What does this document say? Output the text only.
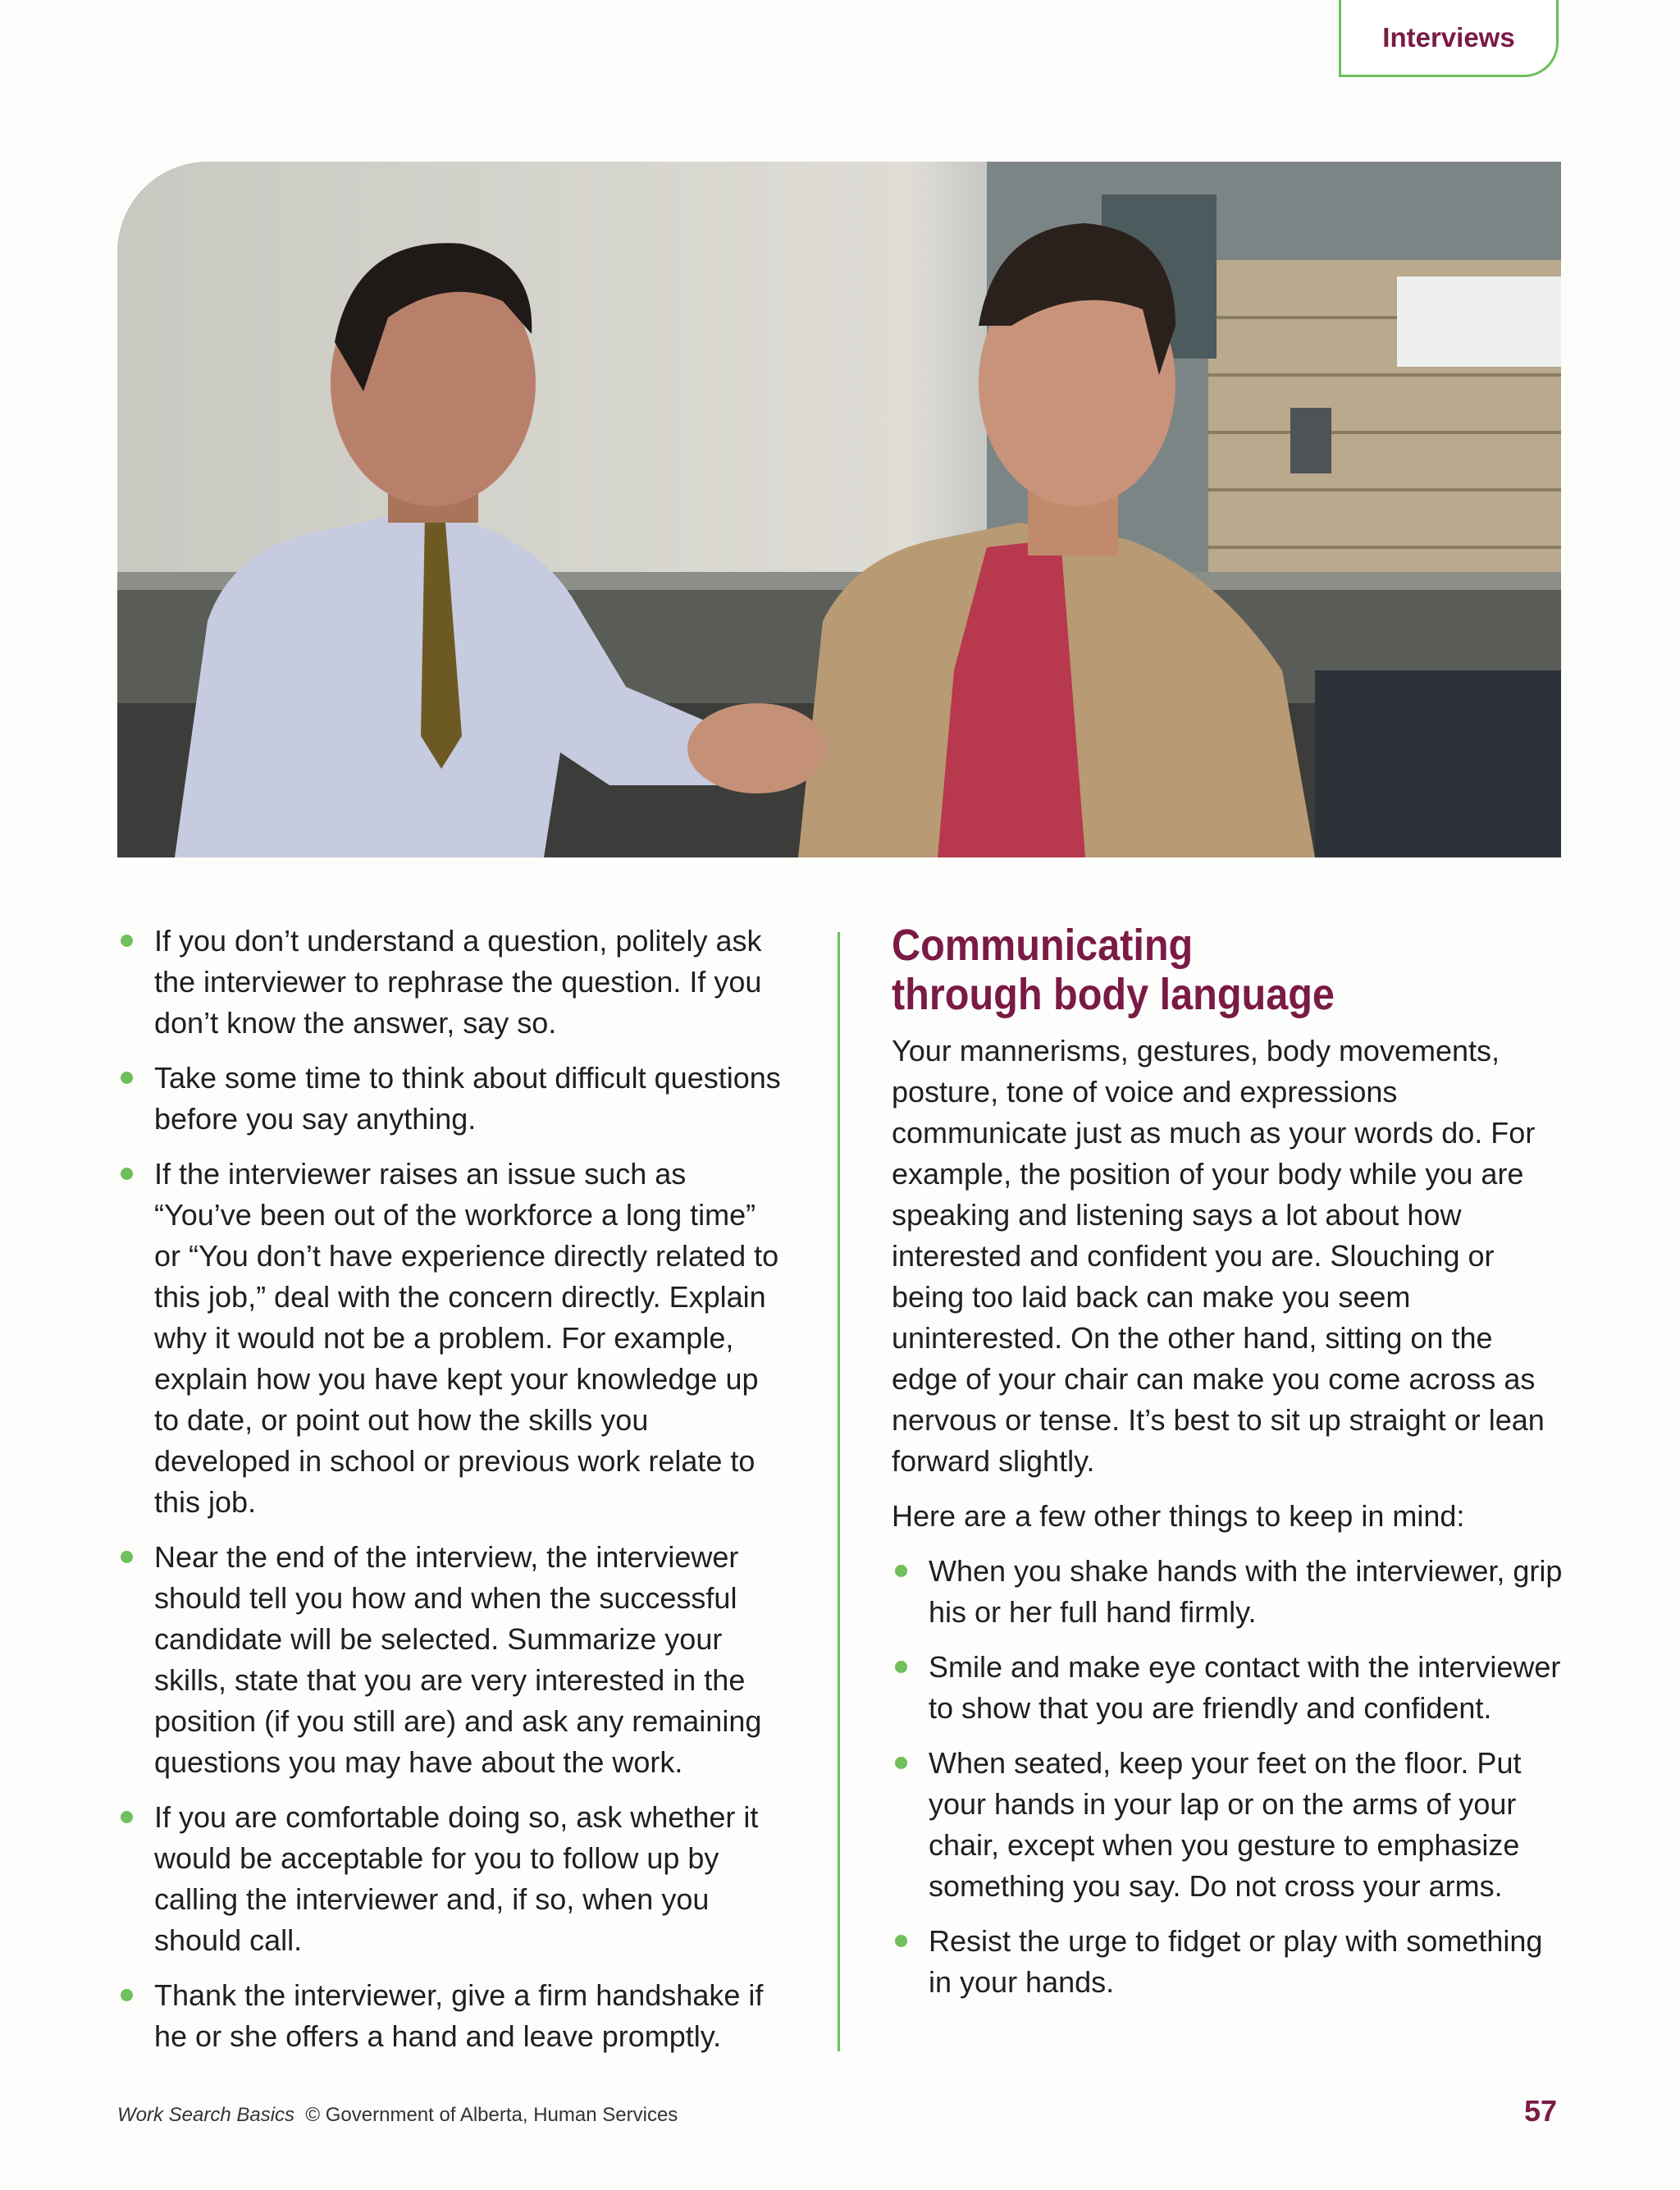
Interviews
If you don’t understand a question, politely ask the interviewer to rephrase the question. If you don’t know the answer, say so.
Take some time to think about difficult questions before you say anything.
If the interviewer raises an issue such as “You’ve been out of the workforce a long time” or “You don’t have experience directly related to this job,” deal with the concern directly. Explain why it would not be a problem. For example, explain how you have kept your knowledge up to date, or point out how the skills you developed in school or previous work relate to this job.
Near the end of the interview, the interviewer should tell you how and when the successful candidate will be selected. Summarize your skills, state that you are very interested in the position (if you still are) and ask any remaining questions you may have about the work.
If you are comfortable doing so, ask whether it would be acceptable for you to follow up by calling the interviewer and, if so, when you should call.
Thank the interviewer, give a firm handshake if he or she offers a hand and leave promptly.
Communicating
through body language

Your mannerisms, gestures, body movements, posture, tone of voice and expressions communicate just as much as your words do. For example, the position of your body while you are speaking and listening says a lot about how interested and confident you are. Slouching or being too laid back can make you seem uninterested. On the other hand, sitting on the edge of your chair can make you come across as nervous or tense. It’s best to sit up straight or lean forward slightly.

Here are a few other things to keep in mind:

When you shake hands with the interviewer, grip his or her full hand firmly.
Smile and make eye contact with the interviewer to show that you are friendly and confident.
When seated, keep your feet on the floor. Put your hands in your lap or on the arms of your chair, except when you gesture to emphasize something you say. Do not cross your arms.
Resist the urge to fidget or play with something in your hands.
Work Search Basics © Government of Alberta, Human Services	57
